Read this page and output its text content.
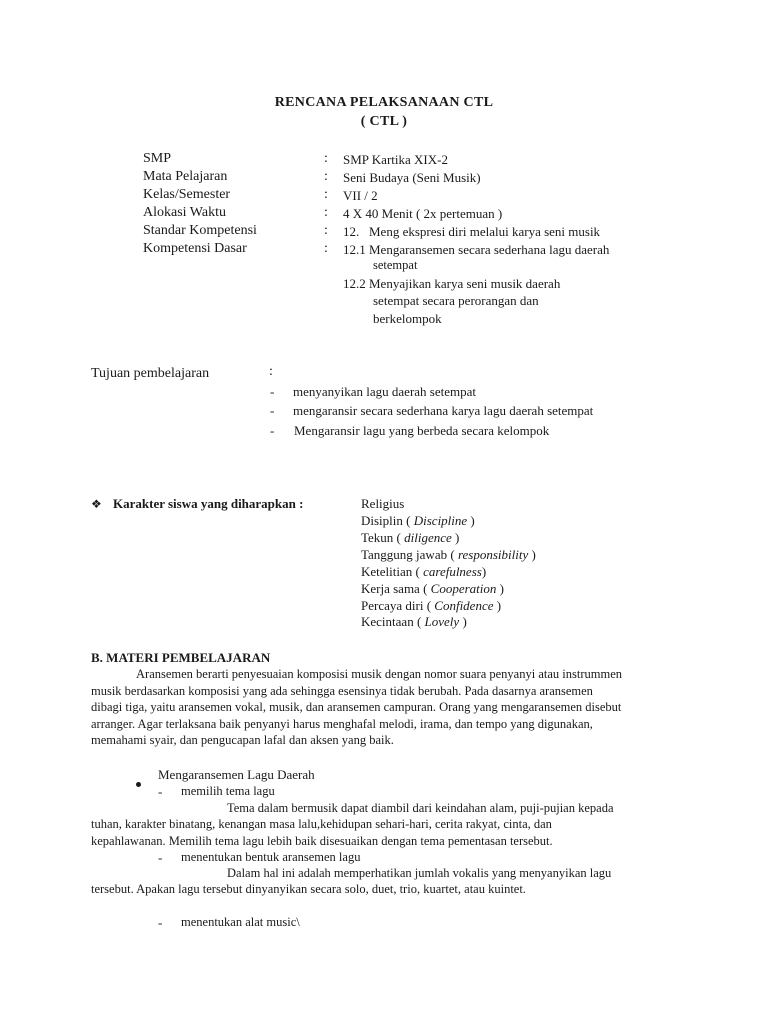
RENCANA PELAKSANAAN CTL
( CTL )
SMP	: SMP Kartika XIX-2
Mata Pelajaran	: Seni Budaya (Seni Musik)
Kelas/Semester	: VII / 2
Alokasi Waktu	: 4 X 40 Menit ( 2x pertemuan )
Standar Kompetensi	: 12.   Meng ekspresi diri melalui karya seni musik
Kompetensi Dasar	: 12.1 Mengaransemen secara sederhana lagu daerah
setempat
12.2 Menyajikan karya seni musik daerah
setempat secara perorangan dan
berkelompok
Tujuan pembelajaran	:
- menyanyikan lagu daerah setempat
- mengaransir secara sederhana karya lagu daerah setempat
- Mengaransir lagu yang berbeda secara kelompok
❖ Karakter siswa yang diharapkan :	Religius
Disiplin ( Discipline )
Tekun ( diligence )
Tanggung jawab ( responsibility )
Ketelitian ( carefulness)
Kerja sama ( Cooperation )
Percaya diri ( Confidence )
Kecintaan ( Lovely )
B. MATERI PEMBELAJARAN
Aransemen berarti penyesuaian komposisi musik dengan nomor suara penyanyi atau instrummen
musik berdasarkan komposisi yang ada sehingga esensinya tidak berubah. Pada dasarnya aransemen
dibagi tiga, yaitu aransemen vokal, musik, dan aransemen campuran. Orang yang mengaransemen disebut
arranger. Agar terlaksana baik penyanyi harus menghafal melodi, irama, dan tempo yang digunakan,
memahami syair, dan pengucapan lafal dan aksen yang baik.
Mengaransemen Lagu Daerah
- memilih tema lagu
Tema dalam bermusik dapat diambil dari keindahan alam, puji-pujian kepada
tuhan, karakter binatang, kenangan masa lalu,kehidupan sehari-hari, cerita rakyat, cinta, dan
kepahlawanan. Memilih tema lagu lebih baik disesuaikan dengan tema pementasan tersebut.
- menentukan bentuk aransemen lagu
Dalam hal ini adalah memperhatikan jumlah vokalis yang menyanyikan lagu
tersebut. Apakan lagu tersebut dinyanyikan secara solo, duet, trio, kuartet, atau kuintet.
- menentukan alat music\
